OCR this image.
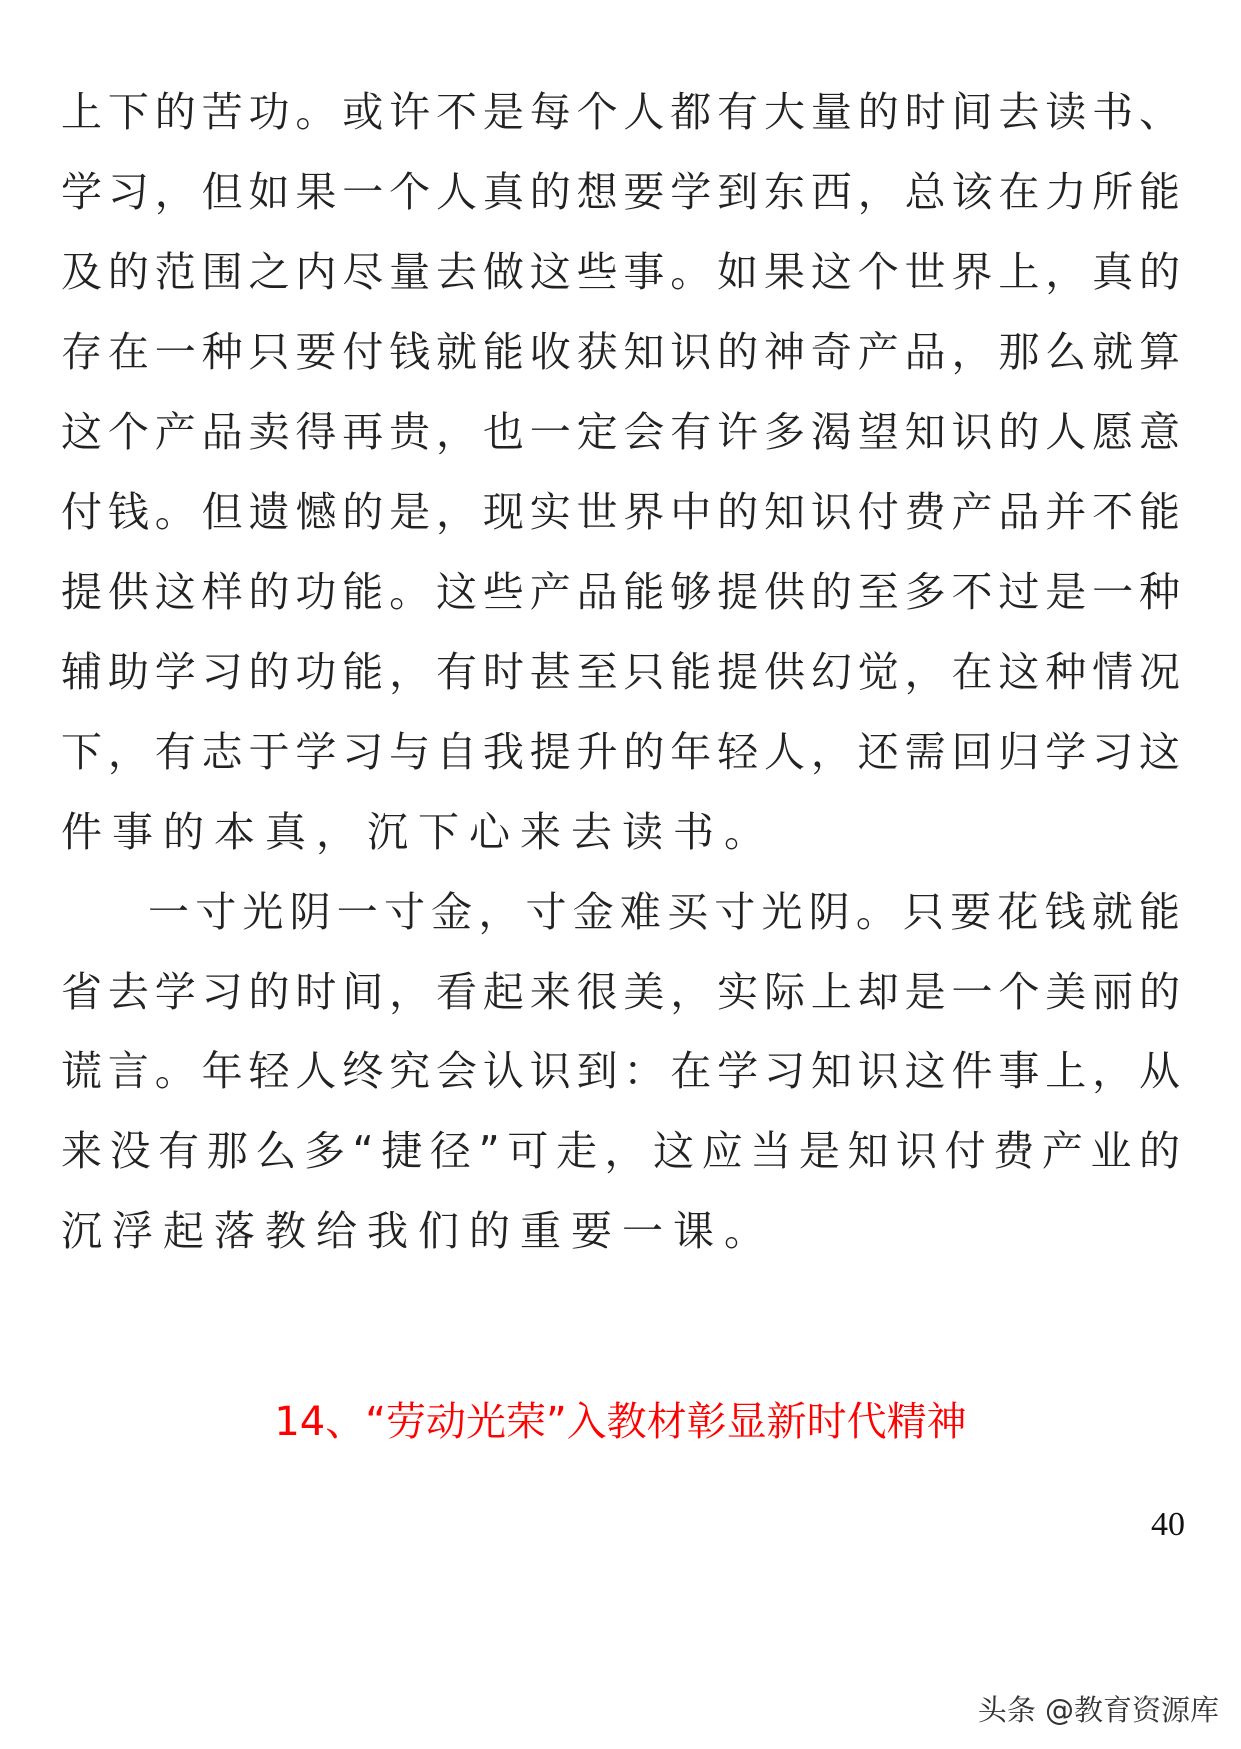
上下的苦功。或许不是每个人都有大量的时间去读书、
学习，但如果一个人真的想要学到东西，总该在力所能
及的范围之内尽量去做这些事。如果这个世界上，真的
存在一种只要付钱就能收获知识的神奇产品，那么就算
这个产品卖得再贵，也一定会有许多渴望知识的人愿意
付钱。但遗憾的是，现实世界中的知识付费产品并不能
提供这样的功能。这些产品能够提供的至多不过是一种
辅助学习的功能，有时甚至只能提供幻觉，在这种情况
下，有志于学习与自我提升的年轻人，还需回归学习这
件事的本真，沉下心来去读书。
一寸光阴一寸金，寸金难买寸光阴。只要花钱就能
省去学习的时间，看起来很美，实际上却是一个美丽的
谎言。年轻人终究会认识到：在学习知识这件事上，从
来没有那么多“捷径”可走，这应当是知识付费产业的
沉浮起落教给我们的重要一课。
14、“劳动光荣”入教材彰显新时代精神
40
头条 @教育资源库
